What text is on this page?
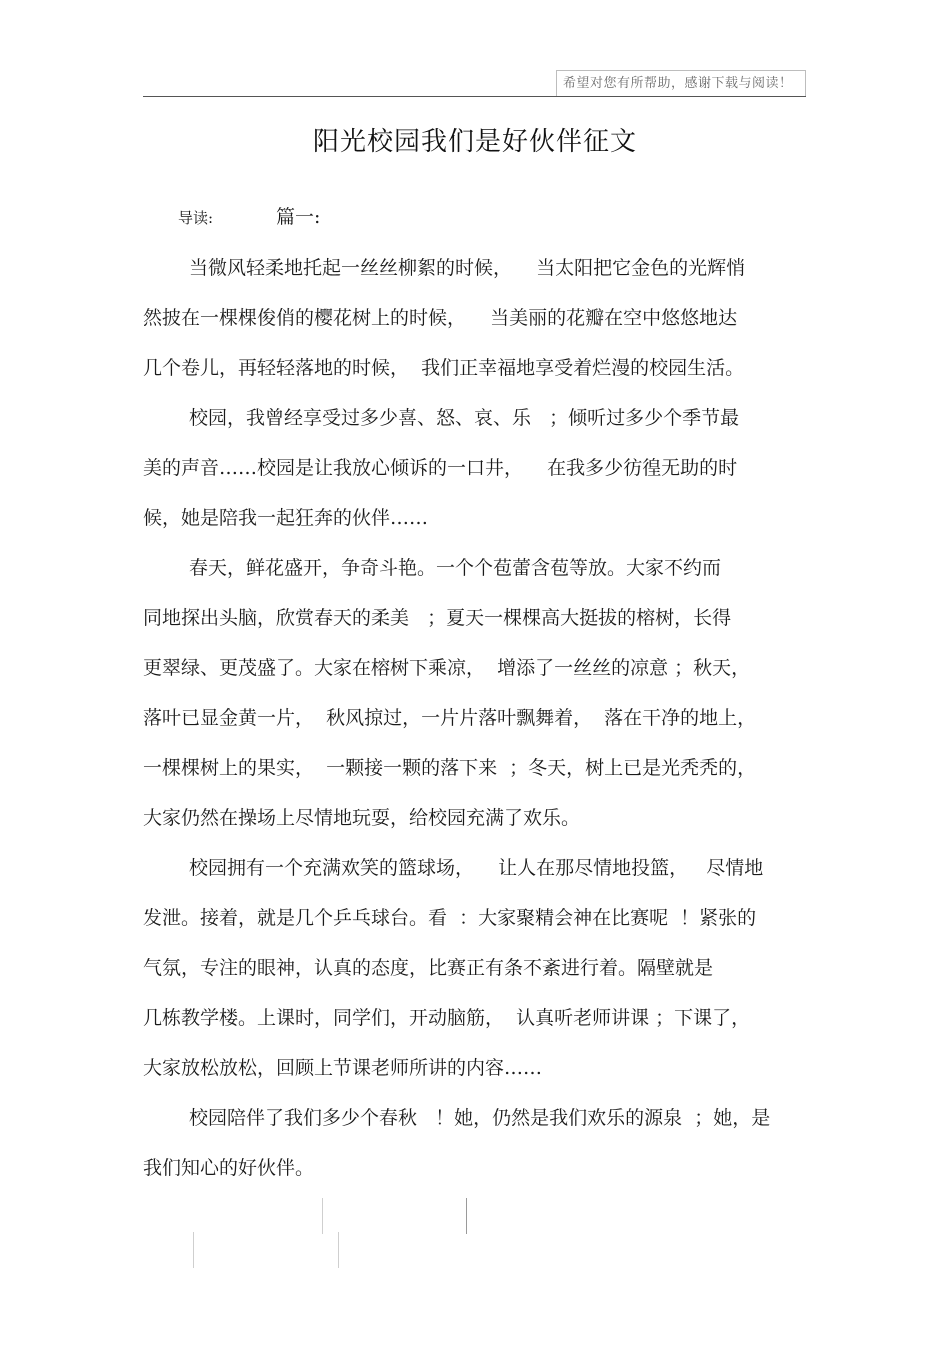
希望对您有所帮助，感谢下载与阅读！
阳光校园我们是好伙伴征文
导读:	篇一:
当微风轻柔地托起一丝丝柳絮的时候，    当太阳把它金色的光辉悄
然披在一棵棵俊俏的樱花树上的时候，    当美丽的花瓣在空中悠悠地达
几个卷儿，再轻轻落地的时候，  我们正幸福地享受着烂漫的校园生活。
校园，我曾经享受过多少喜、怒、哀、乐   ；倾听过多少个季节最
美的声音……校园是让我放心倾诉的一口井，    在我多少彷徨无助的时
候，她是陪我一起狂奔的伙伴……
春天，鲜花盛开，争奇斗艳。一个个苞蕾含苞等放。大家不约而
同地探出头脑，欣赏春天的柔美   ；夏天一棵棵高大挺拔的榕树，长得
更翠绿、更茂盛了。大家在榕树下乘凉，  增添了一丝丝的凉意 ；秋天，
落叶已显金黄一片，  秋风掠过，一片片落叶飘舞着，  落在干净的地上，
一棵棵树上的果实，  一颗接一颗的落下来  ；冬天，树上已是光秃秃的，
大家仍然在操场上尽情地玩耍，给校园充满了欢乐。
校园拥有一个充满欢笑的篮球场，    让人在那尽情地投篮，   尽情地
发泄。接着，就是几个乒乓球台。看  ：大家聚精会神在比赛呢  ！紧张的
气氛，专注的眼神，认真的态度，比赛正有条不紊进行着。隔壁就是
几栋教学楼。上课时，同学们，开动脑筋，  认真听老师讲课 ；下课了，
大家放松放松，回顾上节课老师所讲的内容……
校园陪伴了我们多少个春秋   ！她，仍然是我们欢乐的源泉  ；她，是
我们知心的好伙伴。
